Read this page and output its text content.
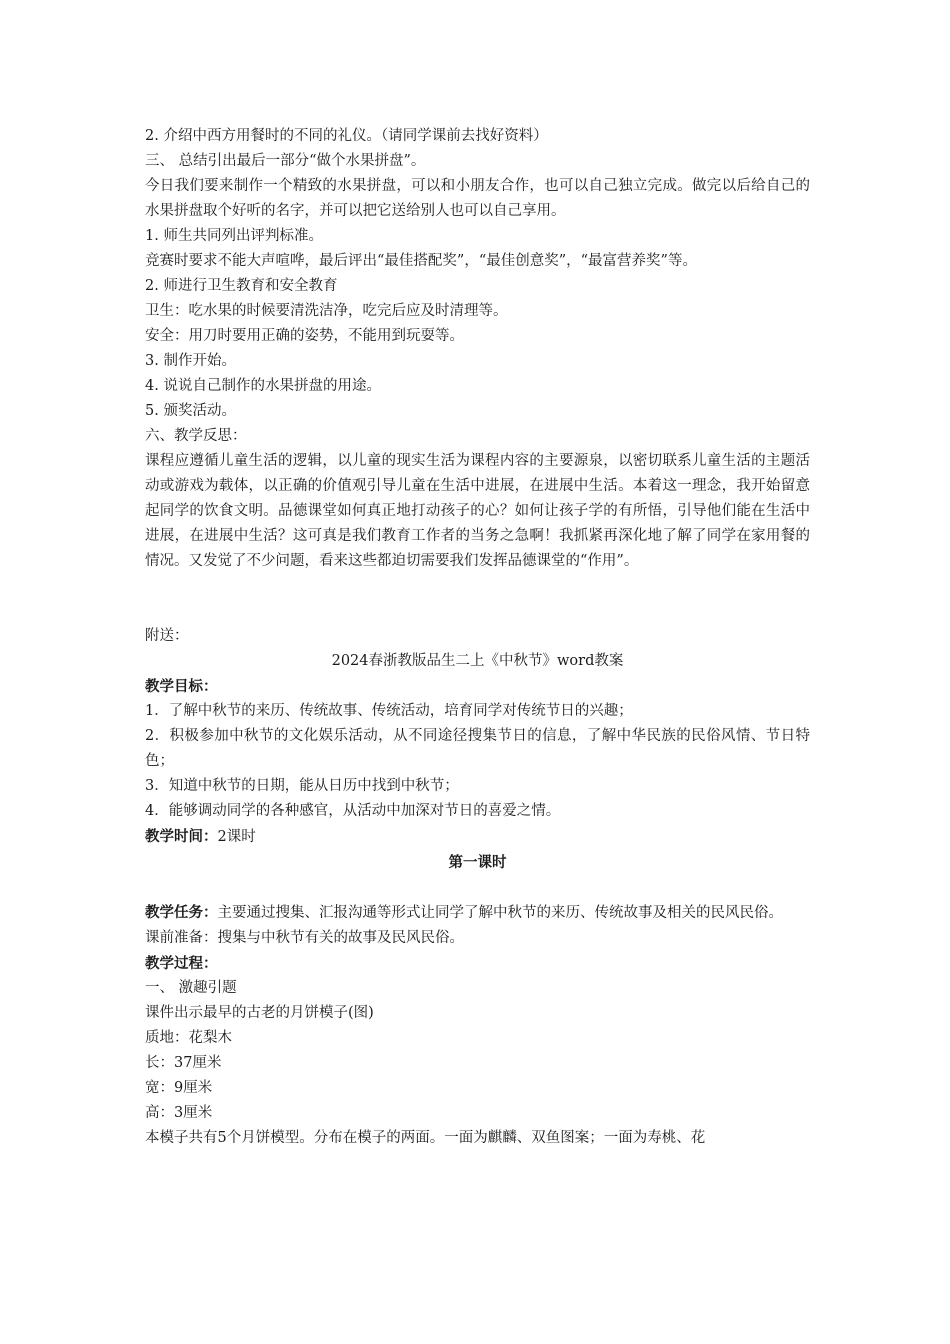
2. 介绍中西方用餐时的不同的礼仪。（请同学课前去找好资料）

三、 总结引出最后一部分“做个水果拼盘”。

今日我们要来制作一个精致的水果拼盘，可以和小朋友合作，也可以自己独立完成。做完以后给自己的水果拼盘取个好听的名字，并可以把它送给别人也可以自己享用。

1. 师生共同列出评判标准。

竞赛时要求不能大声喧哗，最后评出“最佳搭配奖”，“最佳创意奖”，“最富营养奖”等。

2. 师进行卫生教育和安全教育

卫生：吃水果的时候要清洗洁净，吃完后应及时清理等。

安全：用刀时要用正确的姿势，不能用到玩耍等。

3. 制作开始。

4. 说说自己制作的水果拼盘的用途。

5. 颁奖活动。

六、教学反思：

课程应遵循儿童生活的逻辑，以儿童的现实生活为课程内容的主要源泉，以密切联系儿童生活的主题活动或游戏为载体，以正确的价值观引导儿童在生活中进展，在进展中生活。本着这一理念，我开始留意起同学的饮食文明。品德课堂如何真正地打动孩子的心？如何让孩子学的有所悟，引导他们能在生活中进展，在进展中生活？这可真是我们教育工作者的当务之急啊！我抓紧再深化地了解了同学在家用餐的情况。又发觉了不少问题，看来这些都迫切需要我们发挥品德课堂的“作用”。

附送：

2024春浙教版品生二上《中秋节》word教案

教学目标：

1．了解中秋节的来历、传统故事、传统活动，培育同学对传统节日的兴趣；

2．积极参加中秋节的文化娱乐活动，从不同途径搜集节日的信息，了解中华民族的民俗风情、节日特色；

3．知道中秋节的日期，能从日历中找到中秋节；

4．能够调动同学的各种感官，从活动中加深对节日的喜爱之情。

教学时间：2课时

第一课时

教学任务：主要通过搜集、汇报沟通等形式让同学了解中秋节的来历、传统故事及相关的民风民俗。

课前准备：搜集与中秋节有关的故事及民风民俗。

教学过程：

一、 激趣引题

课件出示最早的古老的月饼模子(图)

质地：花梨木

长：37厘米

宽：9厘米

高：3厘米

本模子共有5个月饼模型。分布在模子的两面。一面为麒麟、双鱼图案；一面为寿桃、花
